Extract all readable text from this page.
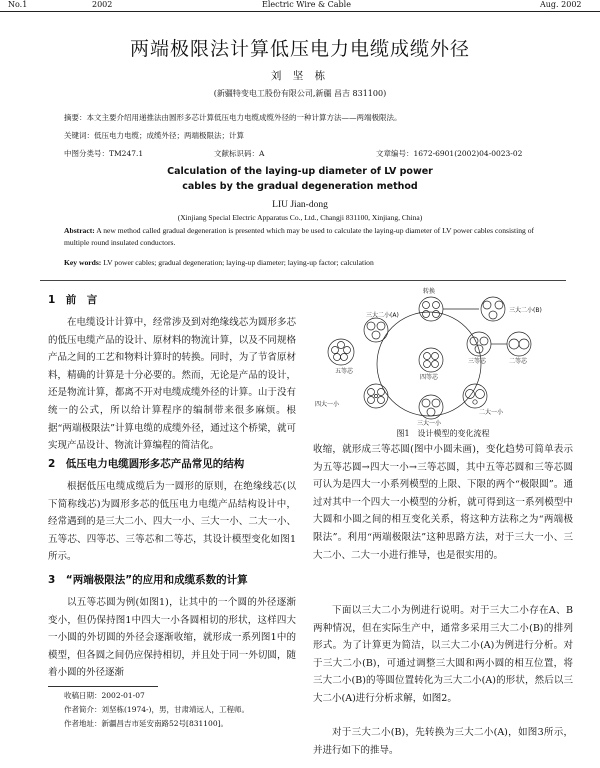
No.1	2002	Electric Wire & Cable	Aug. 2002
两端极限法计算低压电力电缆成缆外径
刘 坚 栋
(新疆特变电工股份有限公司,新疆 昌吉 831100)
摘要：本文主要介绍用递推法由圆形多芯计算低压电力电缆成缆外径的一种计算方法——两端极限法。
关键词：低压电力电缆；成缆外径；两端极限法；计算
中图分类号：TM247.1	文献标识码：A	文章编号：1672-6901(2002)04-0023-02
Calculation of the laying-up diameter of LV power
cables by the gradual degeneration method
LIU Jian-dong
(Xinjiang Special Electric Apparatus Co., Ltd., Changji 831100, Xinjiang, China)
Abstract: A new method called gradual degeneration is presented which may be used to calculate the laying-up diameter of LV power cables consisting of multiple round insulated conductors.
Key words: LV power cables; gradual degeneration; laying-up diameter; laying-up factor; calculation
1　前　言
在电缆设计计算中，经常涉及到对绝缘线芯为圆形多芯的低压电缆产品的设计、原材料的物流计算，以及不同规格产品之间的工艺和物料计算时的转换。同时，为了节省原材料，精确的计算是十分必要的。然而，无论是产品的设计，还是物流计算，都离不开对电缆成缆外径的计算。山于没有统一的公式，所以给计算程序的编制带来很多麻烦。根据“两端极限法”计算电缆的成缆外径，通过这个桥梁，就可实现产品设计、物流计算编程的简洁化。
2　低压电力电缆圆形多芯产品常见的结构
根据低压电缆成缆后为一圆形的原则，在绝缘线芯(以下简称线芯)为圆形多芯的低压电力电缆产品结构设计中，经常遇到的是三大二小、四大一小、三大一小、二大一小、五等芯、四等芯、三等芯和二等芯，其设计模型变化如图1所示。
3　“两端极限法”的应用和成缆系数的计算
以五等芯圆为例(如图1)，让其中的一个圆的外径逐渐变小，但仍保持图1中四大一小各圆相切的形状，这样四大一小圆的外切圆的外径会逐渐收缩，就形成一系列图1中的模型，但各圆之间仍应保持相切，并且处于同一外切圆，随着小圆的外径逐渐
收稿日期：2002-01-07
作者简介：刘坚栋(1974-)，男，甘肃靖远人，工程师。
作者地址：新疆昌吉市延安南路52号[831100]。
转换
三大二小(B)
三大二小(A)
五等芯
四等芯
三等芯	二等芯
四大一小
三大一小
二大一小
图1　设计模型的变化流程
收缩，就形成三等芯圆(图中小圆未画)，变化趋势可简单表示为五等芯圆→四大一小→三等芯圆，其中五等芯圆和三等芯圆可认为是四大一小系列模型的上限、下限的两个“极限圆”。通过对其中一个四大一小模型的分析，就可得到这一系列模型中大圆和小圆之间的相互变化关系，将这种方法称之为“两端极限法”。利用“两端极限法”这种思路方法，对于三大一小、三大二小、二大一小进行推导，也是很实用的。
下面以三大二小为例进行说明。对于三大二小存在A、B两种情况，但在实际生产中，通常多采用三大二小(B)的排列形式。为了计算更为简洁，以三大二小(A)为例进行分析。对于三大二小(B)，可通过调整三大圆和两小圆的相互位置，将三大二小(B)的等圆位置转化为三大二小(A)的形状，然后以三大二小(A)进行分析求解，如图2。
对于三大二小(B)，先转换为三大二小(A)，如图3所示，并进行如下的推导。
